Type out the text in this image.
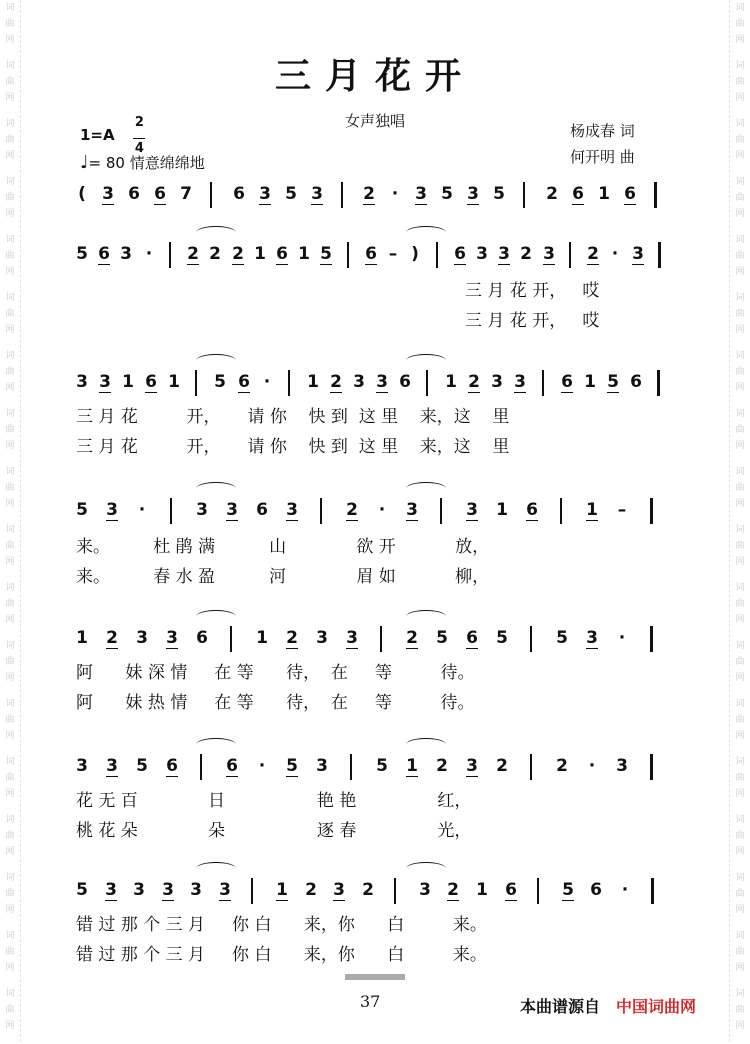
词
曲
网
词
曲
网
词
曲
网
词
曲
网
词
曲
网
词
曲
网
词
曲
网
词
曲
网
词
曲
网
词
曲
网
词
曲
网
词
曲
网
词
曲
网
词
曲
网
词
曲
网
词
曲
网
词
曲
网
词
曲
网
词
曲
网
词
曲
网
词
曲
网
词
曲
网
词
曲
网
词
曲
网
词
曲
网
词
曲
网
词
曲
网
词
曲
网
词
曲
网
词
曲
网
词
曲
网
词
曲
网
词
曲
网
词
曲
网
词
曲
网
词
曲
网
三月花开
$1=A \frac{2}{4}$	女声独唱
杨成春 词
何开明 曲
♩= 80 情意绵绵地
( 3 6 6 7 6 3 5 3 2 · 3 5 3 5 2 6 1 6
5 6 3 · 2 2 2 1 6 1 5 6 – ) 6 3 3 2 3 2 · 3
三 月 花 开，   哎
三 月 花 开，   哎
3 3 1 6 1 5 6 · 1 2 3 3 6 1 2 3 3 6 1 5 6
三 月 花         开，     请 你    快 到  这 里    来，这    里
三 月 花         开，     请 你    快 到  这 里    来，这    里
5 3 ·	3 3 6 3	2 · 3	3 1 6	1 –
来。        杜 鹃 满          山             欲 开           放，
来。        春 水 盈          河             眉 如           柳，
1 2 3 3 6	1 2 3 3	2 5 6 5	5 3 ·
阿      妹 深 情     在 等      待，  在     等         待。
阿      妹 热 情     在 等      待，  在     等         待。
3 3 5 6	6 · 5 3	5 1 2 3 2	2 · 3
花 无 百             日                 艳 艳               红，
桃 花 朵             朵                 逐 春               光，
5 3 3 3 3 3	1 2 3 2	3 2 1 6	5 6 ·
错 过 那 个 三 月     你 白      来，你      白         来。
错 过 那 个 三 月     你 白      来，你      白         来。
37	本曲谱源自 中国词曲网
